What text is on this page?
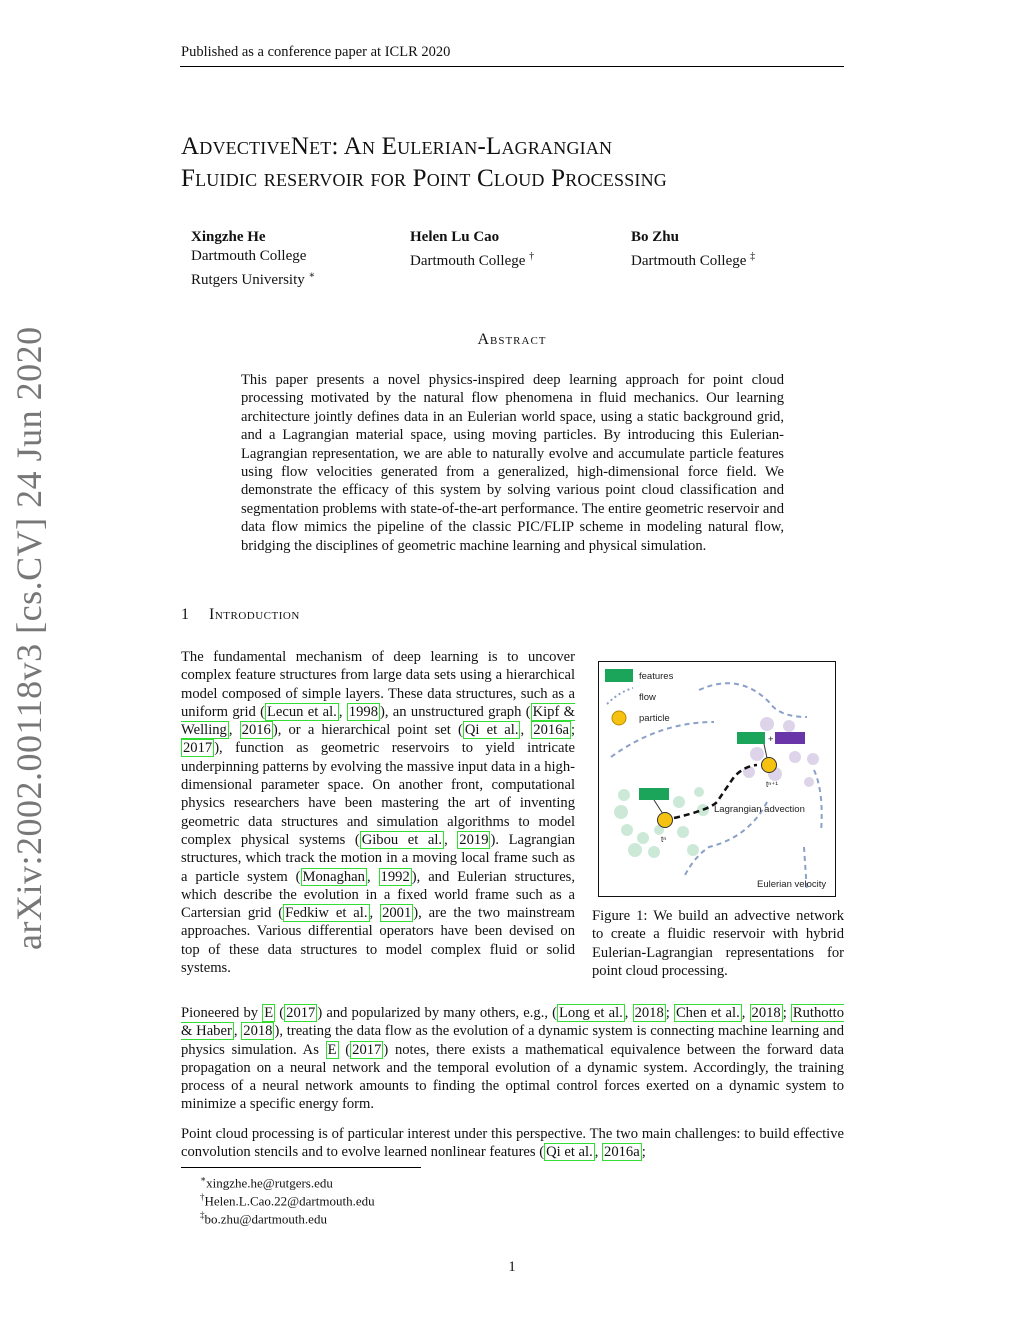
arXiv:2002.00118v3 [cs.CV] 24 Jun 2020
Published as a conference paper at ICLR 2020
AdvectiveNet: An Eulerian-Lagrangian
Fluidic reservoir for Point Cloud Processing
Xingzhe He
Dartmouth College
Rutgers University ∗
Helen Lu Cao
Dartmouth College †
Bo Zhu
Dartmouth College ‡
Abstract
This paper presents a novel physics-inspired deep learning approach for point cloud processing motivated by the natural flow phenomena in fluid mechanics. Our learning architecture jointly defines data in an Eulerian world space, using a static background grid, and a Lagrangian material space, using moving particles. By introducing this Eulerian-Lagrangian representation, we are able to naturally evolve and accumulate particle features using flow velocities generated from a generalized, high-dimensional force field. We demonstrate the efficacy of this system by solving various point cloud classification and segmentation problems with state-of-the-art performance. The entire geometric reservoir and data flow mimics the pipeline of the classic PIC/FLIP scheme in modeling natural flow, bridging the disciplines of geometric machine learning and physical simulation.
1 Introduction
The fundamental mechanism of deep learning is to uncover complex feature structures from large data sets using a hierarchical model composed of simple layers. These data structures, such as a uniform grid ( Lecun et al. , 1998 ), an unstructured graph ( Kipf & Welling , 2016 ), or a hierarchical point set ( Qi et al. , 2016a ; 2017 ), function as geometric reservoirs to yield intricate underpinning patterns by evolving the massive input data in a high-dimensional parameter space. On another front, computational physics researchers have been mastering the art of inventing geometric data structures and simulation algorithms to model complex physical systems ( Gibou et al. , 2019 ). Lagrangian structures, which track the motion in a moving local frame such as a particle system ( Monaghan , 1992 ), and Eulerian structures, which describe the evolution in a fixed world frame such as a Cartersian grid ( Fedkiw et al. , 2001 ), are the two mainstream approaches. Various differential operators have been devised on top of these data structures to model complex fluid or solid systems.
features
flow
particle
+
tⁿ⁺¹
tⁿ
Lagrangian advection
Eulerian velocity
Figure 1: We build an advective network to create a fluidic reservoir with hybrid Eulerian-Lagrangian representations for point cloud processing.
Pioneered by E ( 2017 ) and popularized by many others, e.g., ( Long et al. , 2018 ; Chen et al. , 2018 ; Ruthotto & Haber , 2018 ), treating the data flow as the evolution of a dynamic system is connecting machine learning and physics simulation. As E ( 2017 ) notes, there exists a mathematical equivalence between the forward data propagation on a neural network and the temporal evolution of a dynamic system. Accordingly, the training process of a neural network amounts to finding the optimal control forces exerted on a dynamic system to minimize a specific energy form.
Point cloud processing is of particular interest under this perspective. The two main challenges: to build effective convolution stencils and to evolve learned nonlinear features ( Qi et al. , 2016a ;
∗xingzhe.he@rutgers.edu
†Helen.L.Cao.22@dartmouth.edu
‡bo.zhu@dartmouth.edu
1
